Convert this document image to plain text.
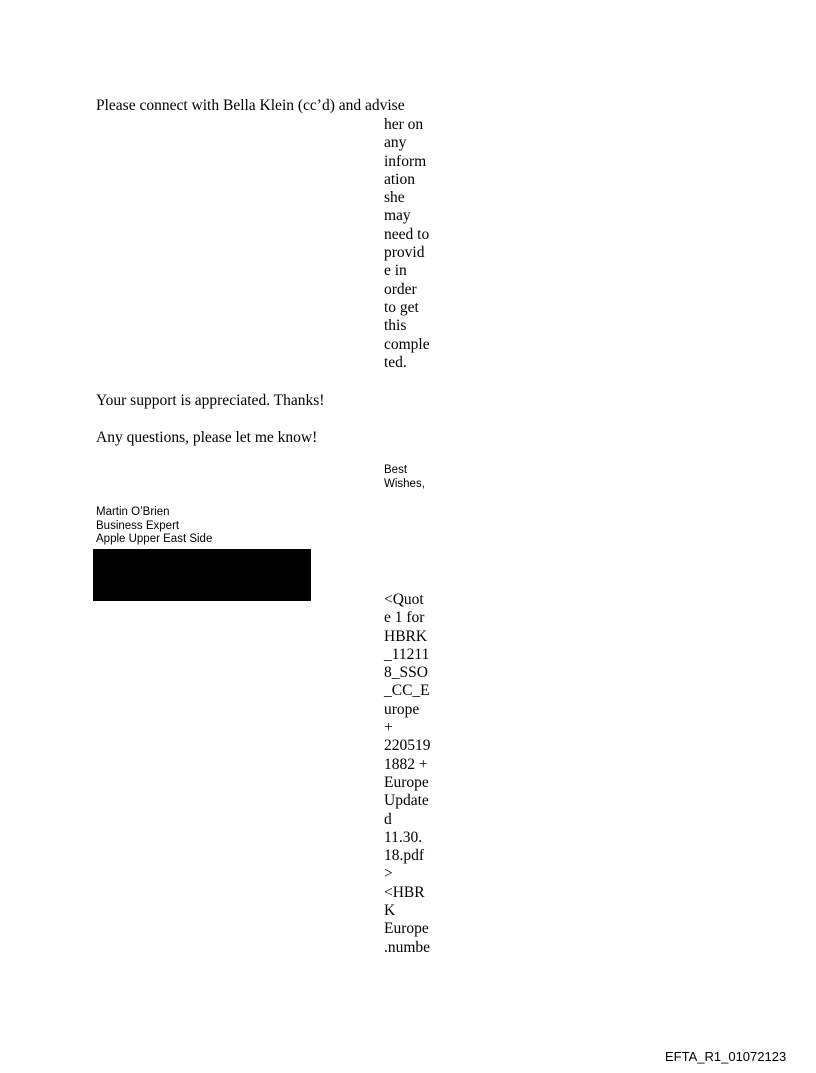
Please connect with Bella Klein (cc’d) and advise
her on
any
inform
ation
she
may
need to
provid
e in
order
to get
this
comple
ted.
Your support is appreciated. Thanks!
Any questions, please let me know!
Best
Wishes,
Martin O’Brien
Business Expert
Apple Upper East Side
<Quot
e 1 for
HBRK
_11211
8_SSO
_CC_E
urope
+
220519
1882 +
Europe
Update
d
11.30.
18.pdf
>
<HBR
K
Europe
.numbe
EFTA_R1_01072123
